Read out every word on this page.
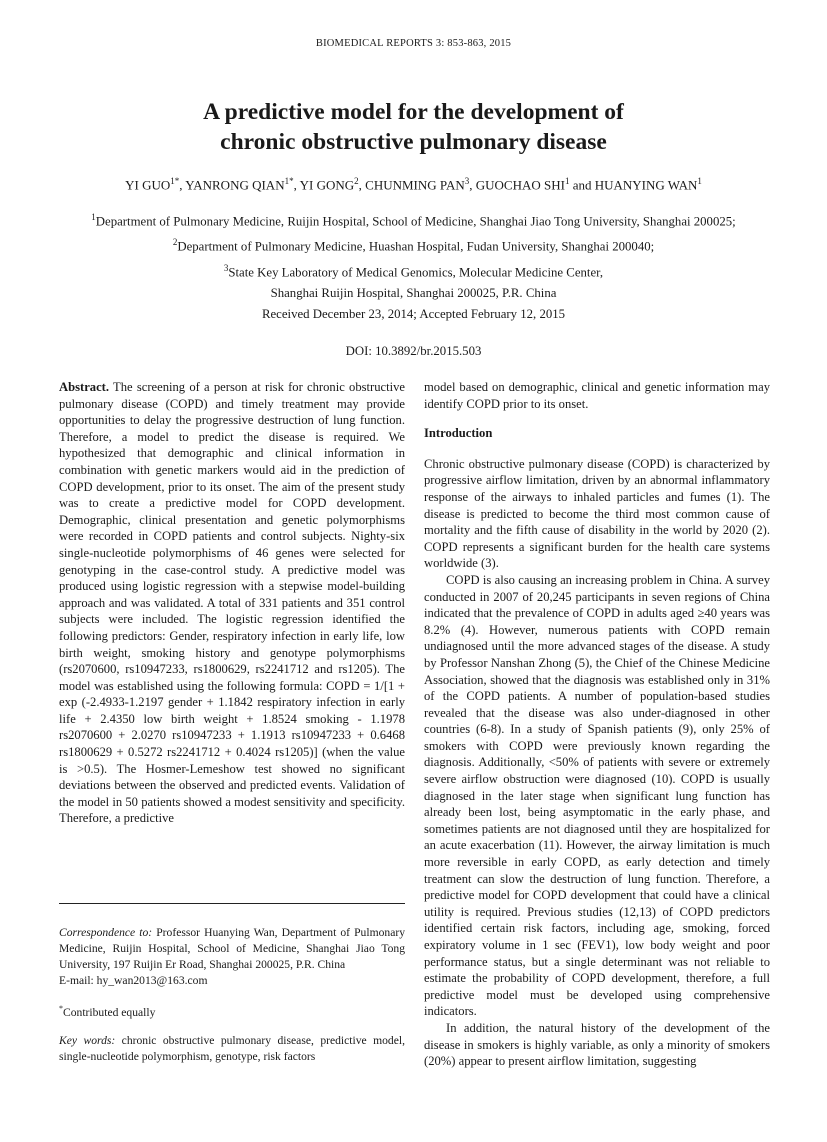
BIOMEDICAL REPORTS 3: 853-863, 2015
A predictive model for the development of
chronic obstructive pulmonary disease
YI $GUO^{1*}$, YANRONG $QIAN^{1*}$, YI GONG$^2$, CHUNMING PAN$^3$, GUOCHAO SHI$^1$ and HUANYING WAN$^1$
$^1$Department of Pulmonary Medicine, Ruijin Hospital, School of Medicine, Shanghai Jiao Tong University, Shanghai 200025;
$^2$Department of Pulmonary Medicine, Huashan Hospital, Fudan University, Shanghai 200040;
$^3$State Key Laboratory of Medical Genomics, Molecular Medicine Center,
Shanghai Ruijin Hospital, Shanghai 200025, P.R. China
Received December 23, 2014; Accepted February 12, 2015
DOI: 10.3892/br.2015.503

Abstract. The screening of a person at risk for chronic obstructive pulmonary disease (COPD) and timely treatment may provide opportunities to delay the progressive destruction of lung function. Therefore, a model to predict the disease is required. We hypothesized that demographic and clinical information in combination with genetic markers would aid in the prediction of COPD development, prior to its onset. The aim of the present study was to create a predictive model for COPD development. Demographic, clinical presentation and genetic polymorphisms were recorded in COPD patients and control subjects. Nighty-six single-nucleotide polymorphisms of 46 genes were selected for genotyping in the case-control study. A predictive model was produced using logistic regression with a stepwise model-building approach and was validated. A total of 331 patients and 351 control subjects were included. The logistic regression identified the following predictors: Gender, respiratory infection in early life, low birth weight, smoking history and genotype polymorphisms (rs2070600, rs10947233, rs1800629, rs2241712 and rs1205). The model was established using the following formula: COPD = 1/[1 + exp (-2.4933-1.2197 gender + 1.1842 respiratory infection in early life + 2.4350 low birth weight + 1.8524 smoking - 1.1978 rs2070600 + 2.0270 rs10947233 + 1.1913 rs10947233 + 0.6468 rs1800629 + 0.5272 rs2241712 + 0.4024 rs1205)] (when the value is >0.5). The Hosmer-Lemeshow test showed no significant deviations between the observed and predicted events. Validation of the model in 50 patients showed a modest sensitivity and specificity. Therefore, a predictive

Correspondence to: Professor Huanying Wan, Department of Pulmonary Medicine, Ruijin Hospital, School of Medicine, Shanghai Jiao Tong University, 197 Ruijin Er Road, Shanghai 200025, P.R. China
E-mail: hy_wan2013@163.com

*Contributed equally

Key words: chronic obstructive pulmonary disease, predictive model, single-nucleotide polymorphism, genotype, risk factors

model based on demographic, clinical and genetic information may identify COPD prior to its onset.

Introduction

Chronic obstructive pulmonary disease (COPD) is characterized by progressive airflow limitation, driven by an abnormal inflammatory response of the airways to inhaled particles and fumes (1). The disease is predicted to become the third most common cause of mortality and the fifth cause of disability in the world by 2020 (2). COPD represents a significant burden for the health care systems worldwide (3).

COPD is also causing an increasing problem in China. A survey conducted in 2007 of 20,245 participants in seven regions of China indicated that the prevalence of COPD in adults aged ≥40 years was 8.2% (4). However, numerous patients with COPD remain undiagnosed until the more advanced stages of the disease. A study by Professor Nanshan Zhong (5), the Chief of the Chinese Medicine Association, showed that the diagnosis was established only in 31% of the COPD patients. A number of population-based studies revealed that the disease was also under-diagnosed in other countries (6-8). In a study of Spanish patients (9), only 25% of smokers with COPD were previously known regarding the diagnosis. Additionally, <50% of patients with severe or extremely severe airflow obstruction were diagnosed (10). COPD is usually diagnosed in the later stage when significant lung function has already been lost, being asymptomatic in the early phase, and sometimes patients are not diagnosed until they are hospitalized for an acute exacerbation (11). However, the airway limitation is much more reversible in early COPD, as early detection and timely treatment can slow the destruction of lung function. Therefore, a predictive model for COPD development that could have a clinical utility is required. Previous studies (12,13) of COPD predictors identified certain risk factors, including age, smoking, forced expiratory volume in 1 sec (FEV1), low body weight and poor performance status, but a single determinant was not reliable to estimate the probability of COPD development, therefore, a full predictive model must be developed using comprehensive indicators.

In addition, the natural history of the development of the disease in smokers is highly variable, as only a minority of smokers (20%) appear to present airflow limitation, suggesting
